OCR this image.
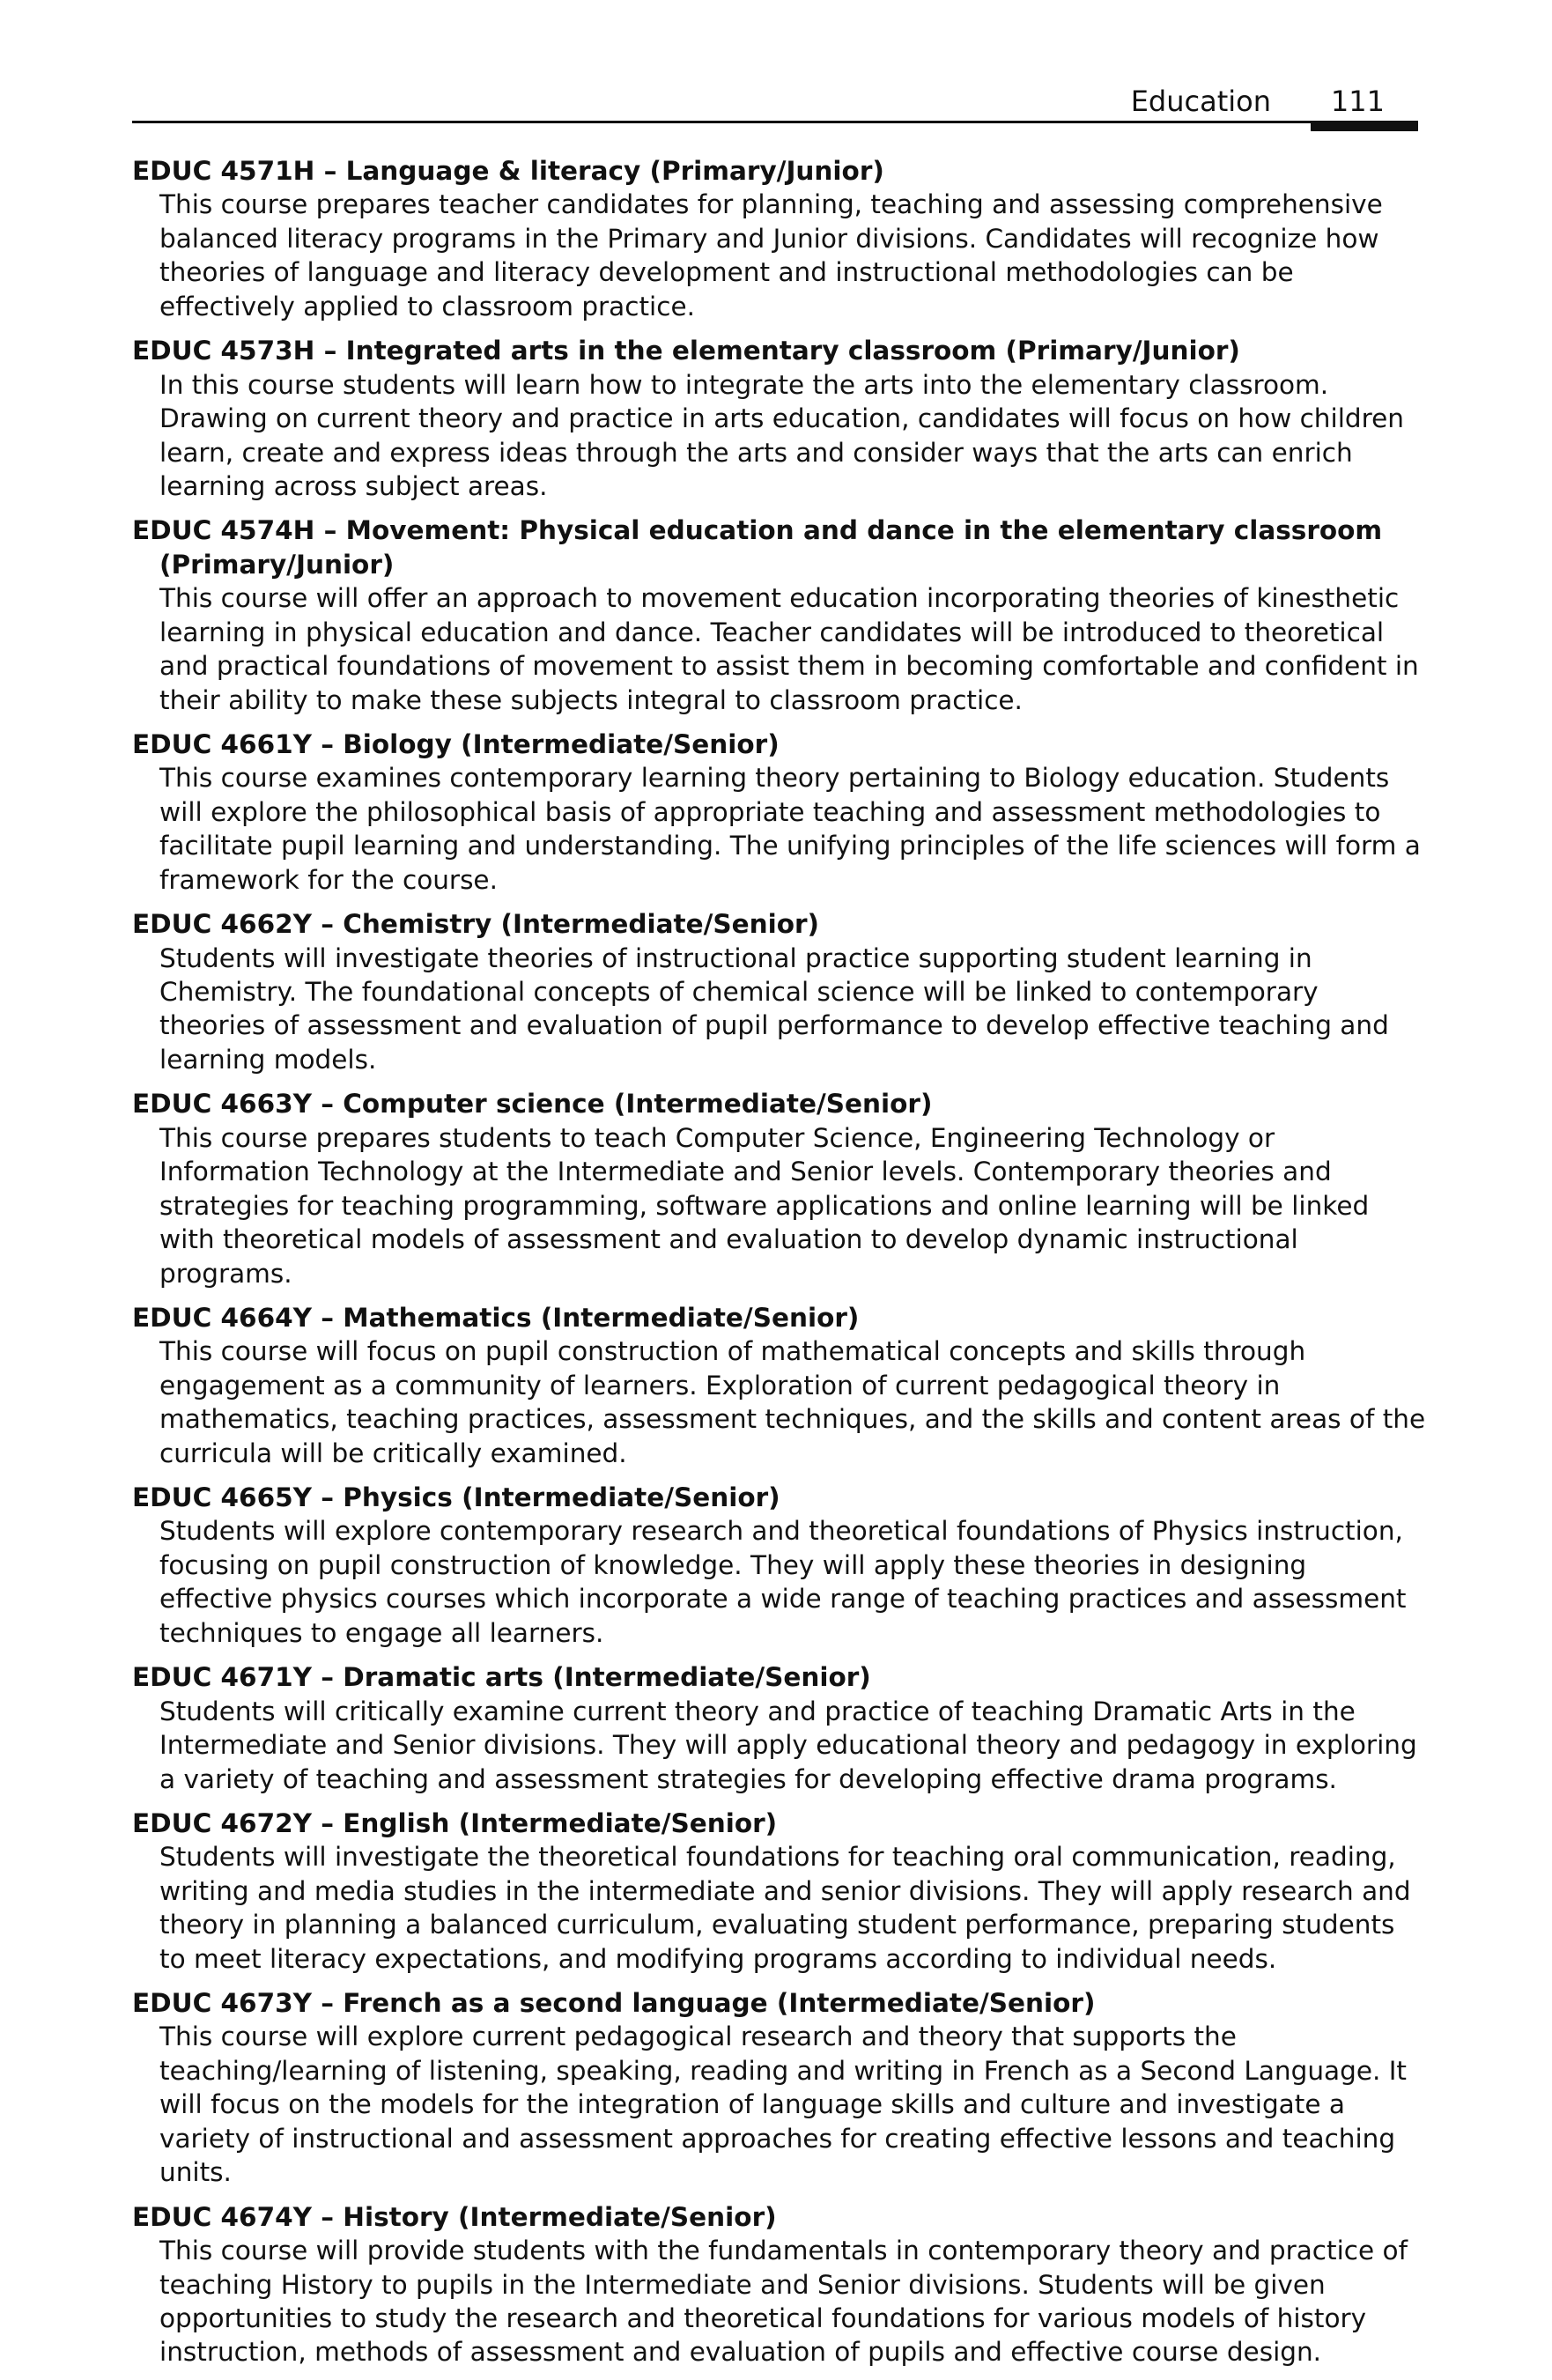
Education 111

EDUC 4571H – Language & literacy (Primary/Junior)

This course prepares teacher candidates for planning, teaching and assessing comprehensive balanced literacy programs in the Primary and Junior divisions. Candidates will recognize how theories of language and literacy development and instructional methodologies can be effectively applied to classroom practice.

EDUC 4573H – Integrated arts in the elementary classroom (Primary/Junior)

In this course students will learn how to integrate the arts into the elementary classroom. Drawing on current theory and practice in arts education, candidates will focus on how children learn, create and express ideas through the arts and consider ways that the arts can enrich learning across subject areas.

EDUC 4574H – Movement: Physical education and dance in the elementary classroom (Primary/Junior)

This course will offer an approach to movement education incorporating theories of kinesthetic learning in physical education and dance. Teacher candidates will be introduced to theoretical and practical foundations of movement to assist them in becoming comfortable and confident in their ability to make these subjects integral to classroom practice.

EDUC 4661Y – Biology (Intermediate/Senior)

This course examines contemporary learning theory pertaining to Biology education. Students will explore the philosophical basis of appropriate teaching and assessment methodologies to facilitate pupil learning and understanding. The unifying principles of the life sciences will form a framework for the course.

EDUC 4662Y – Chemistry (Intermediate/Senior)

Students will investigate theories of instructional practice supporting student learning in Chemistry. The foundational concepts of chemical science will be linked to contemporary theories of assessment and evaluation of pupil performance to develop effective teaching and learning models.

EDUC 4663Y – Computer science (Intermediate/Senior)

This course prepares students to teach Computer Science, Engineering Technology or Information Technology at the Intermediate and Senior levels. Contemporary theories and strategies for teaching programming, software applications and online learning will be linked with theoretical models of assessment and evaluation to develop dynamic instructional programs.

EDUC 4664Y – Mathematics (Intermediate/Senior)

This course will focus on pupil construction of mathematical concepts and skills through engagement as a community of learners. Exploration of current pedagogical theory in mathematics, teaching practices, assessment techniques, and the skills and content areas of the curricula will be critically examined.

EDUC 4665Y – Physics (Intermediate/Senior)

Students will explore contemporary research and theoretical foundations of Physics instruction, focusing on pupil construction of knowledge. They will apply these theories in designing effective physics courses which incorporate a wide range of teaching practices and assessment techniques to engage all learners.

EDUC 4671Y – Dramatic arts (Intermediate/Senior)

Students will critically examine current theory and practice of teaching Dramatic Arts in the Intermediate and Senior divisions. They will apply educational theory and pedagogy in exploring a variety of teaching and assessment strategies for developing effective drama programs.

EDUC 4672Y – English (Intermediate/Senior)

Students will investigate the theoretical foundations for teaching oral communication, reading, writing and media studies in the intermediate and senior divisions. They will apply research and theory in planning a balanced curriculum, evaluating student performance, preparing students to meet literacy expectations, and modifying programs according to individual needs.

EDUC 4673Y – French as a second language (Intermediate/Senior)

This course will explore current pedagogical research and theory that supports the teaching/learning of listening, speaking, reading and writing in French as a Second Language. It will focus on the models for the integration of language skills and culture and investigate a variety of instructional and assessment approaches for creating effective lessons and teaching units.

EDUC 4674Y – History (Intermediate/Senior)

This course will provide students with the fundamentals in contemporary theory and practice of teaching History to pupils in the Intermediate and Senior divisions. Students will be given opportunities to study the research and theoretical foundations for various models of history instruction, methods of assessment and evaluation of pupils and effective course design.
